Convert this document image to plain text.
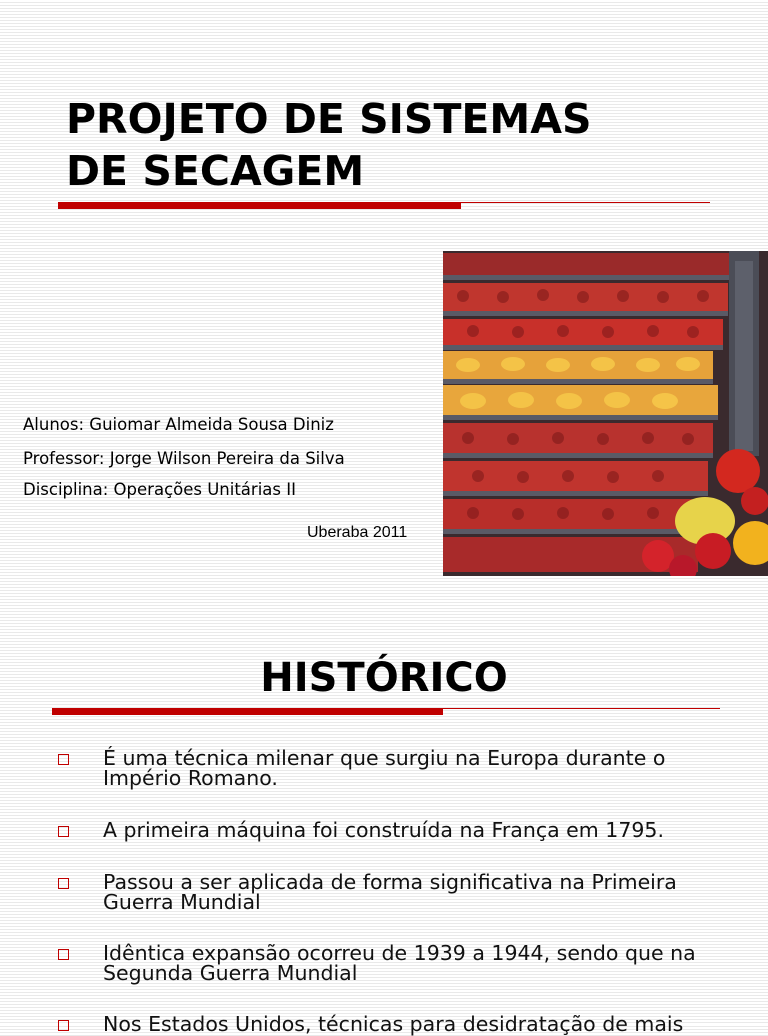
PROJETO DE SISTEMAS
DE SECAGEM
Alunos: Guiomar Almeida Sousa Diniz
Professor: Jorge Wilson Pereira da Silva
Disciplina: Operações Unitárias II
Uberaba 2011
HISTÓRICO
É uma técnica milenar que surgiu na Europa durante o Império Romano.
A primeira máquina foi construída na França em 1795.
Passou a ser aplicada de forma significativa na Primeira Guerra Mundial
Idêntica expansão ocorreu de 1939 a 1944, sendo que na Segunda Guerra Mundial
Nos Estados Unidos, técnicas para desidratação de mais
